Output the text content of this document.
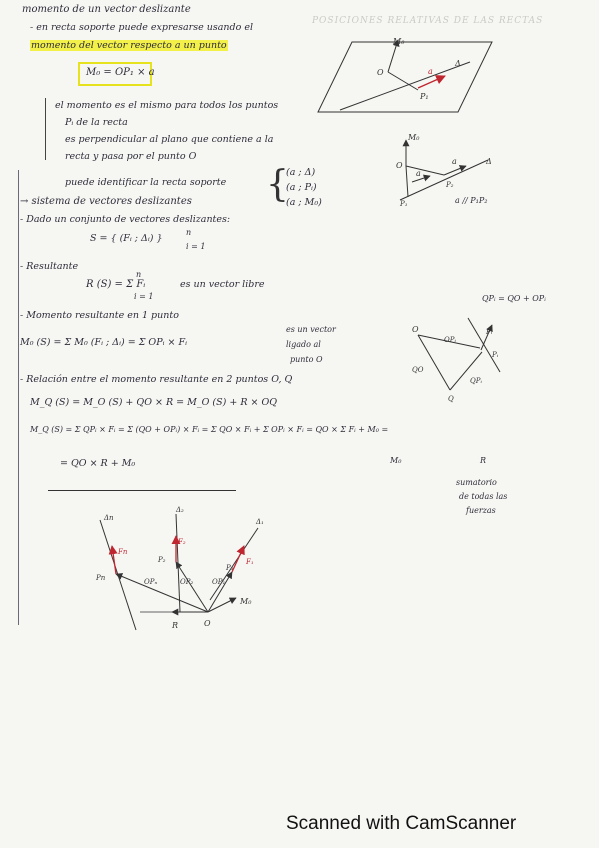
POSICIONES RELATIVAS DE LAS RECTAS
momento de un vector deslizante
- en recta soporte puede expresarse usando el
momento del vector respecto a un punto
M₀ = OP₁ × a
el momento es el mismo para todos los puntos
Pᵢ de la recta
es perpendicular al plano que contiene a la
recta y pasa por el punto O
puede identificar la recta soporte {
(a ; Δ)
(a ; Pᵢ)
(a ; M₀)
→ sistema de vectores deslizantes
- Dado un conjunto de vectores deslizantes:
S = { (Fᵢ ; Δᵢ) }
n
i = 1
- Resultante
R (S) = Σ Fᵢ
n
i = 1
es un vector libre
- Momento resultante en 1 punto
M₀ (S) = Σ M₀ (Fᵢ ; Δᵢ) = Σ OPᵢ × Fᵢ
es un vector
ligado al
punto O
- Relación entre el momento resultante en 2 puntos O, Q
M_Q (S) = M_O (S) + QO × R = M_O (S) + R × OQ
M_Q (S) = Σ QPᵢ × Fᵢ = Σ (QO + OPᵢ) × Fᵢ = Σ QO × Fᵢ + Σ OPᵢ × Fᵢ = QO × Σ Fᵢ + M₀ =
= QO × R + M₀	M₀	R
sumatorio
de todas las
fuerzas
QPᵢ = QO + OPᵢ
a // P₁P₂
M₀
O	a
Δ
P₁
M₀
O
a
P₁
P₂
Δ
a
O
OPᵢ
Fᵢ
Pᵢ
QO
QPᵢ
Q
Δn
Δ₂
Δ₁
Fn
F₂
F₁
Pn
P₂
P₁
OPₙ	OP₂	OP₁
R	O
M₀
Scanned with CamScanner
